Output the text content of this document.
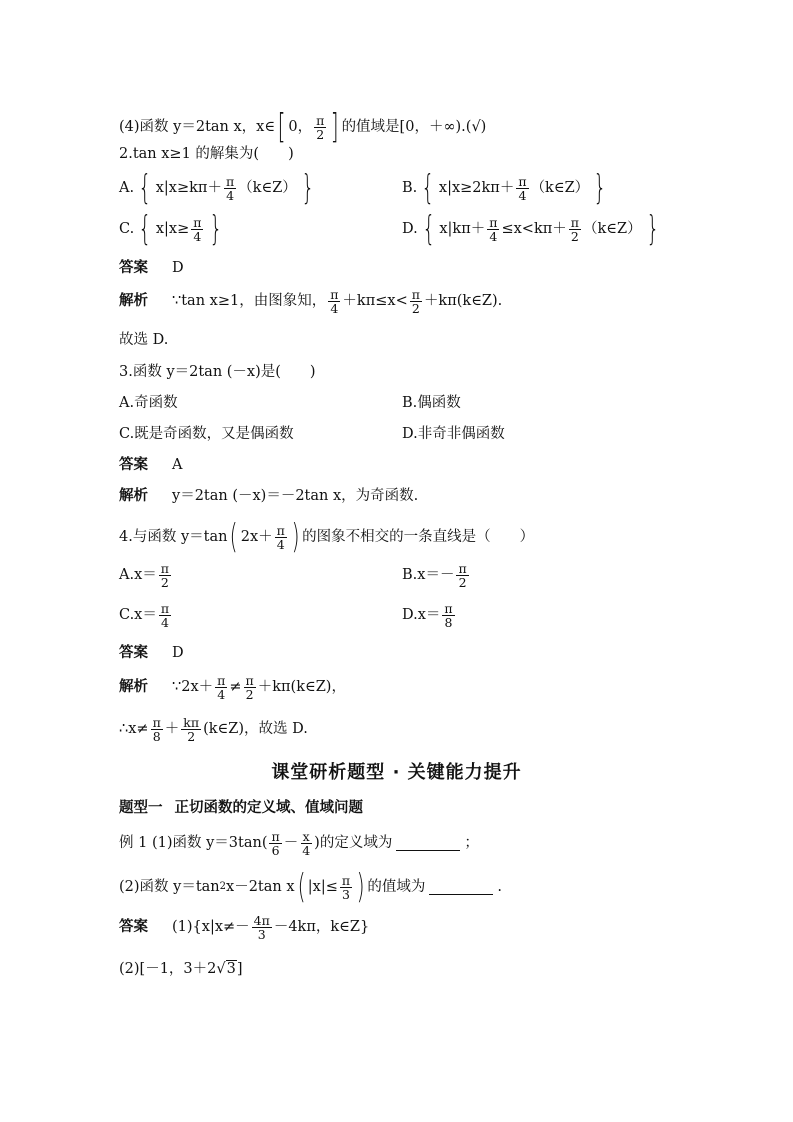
(4)函数 y＝2tan x，x∈ [ 0， $\frac{\pi}{2}$ ] 的值域是[0，＋∞).(√)
2.tan x≥1 的解集为(　　)
A. { $x|x\ge k\pi+ \frac{\pi}{4}$ （k∈Z） }	B. { $x|x\ge 2k\pi+ \frac{\pi}{4}$ （k∈Z） }
C. { $x|x\ge \frac{\pi}{4}$ }	D. { $x|k\pi+ \frac{\pi}{4} \le x<k\pi+ \frac{\pi}{2}$ （k∈Z） }
答案 D
解析 ∵tan x≥1，由图象知， $\frac{\pi}{4} +k\pi\le x< \frac{\pi}{2}$ ＋kπ(k∈Z).
故选 D.
3.函数 y＝2tan (－x)是(　　)
A.奇函数	B.偶函数
C.既是奇函数，又是偶函数	D.非奇非偶函数
答案 A
解析 y＝2tan (－x)＝－2tan x，为奇函数.
4.与函数 y＝tan ( $2x+ \frac{\pi}{4}$ ) 的图象不相交的一条直线是（　　）
$A.x= \frac{\pi}{2}$	$B.x=- \frac{\pi}{2}$
$C.x= \frac{\pi}{4}$	$D.x= \frac{\pi}{8}$
答案 D
解析 ∵2x＋ $\frac{\pi}{4} \ne \frac{\pi}{2}$ ＋kπ(k∈Z)，
∴x≠ $\frac{\pi}{8} + \frac{k\pi}{2}$ (k∈Z)，故选 D.
课堂研析题型 · 关键能力提升
题型一 正切函数的定义域、值域问题
例 1 (1)函数 $y=3\tan( \frac{\pi}{6} - \frac{x}{4}$ )的定义域为	；
(2)函数 y＝tan 2 x－2tan x ( $|x|\le \frac{\pi}{3}$ ) 的值域为	.
答案 $(1)\{x|x\ne- \frac{4\pi}{3} -4k\pi$，k∈Z}
(2)[－1，3＋2 √ 3 ]
